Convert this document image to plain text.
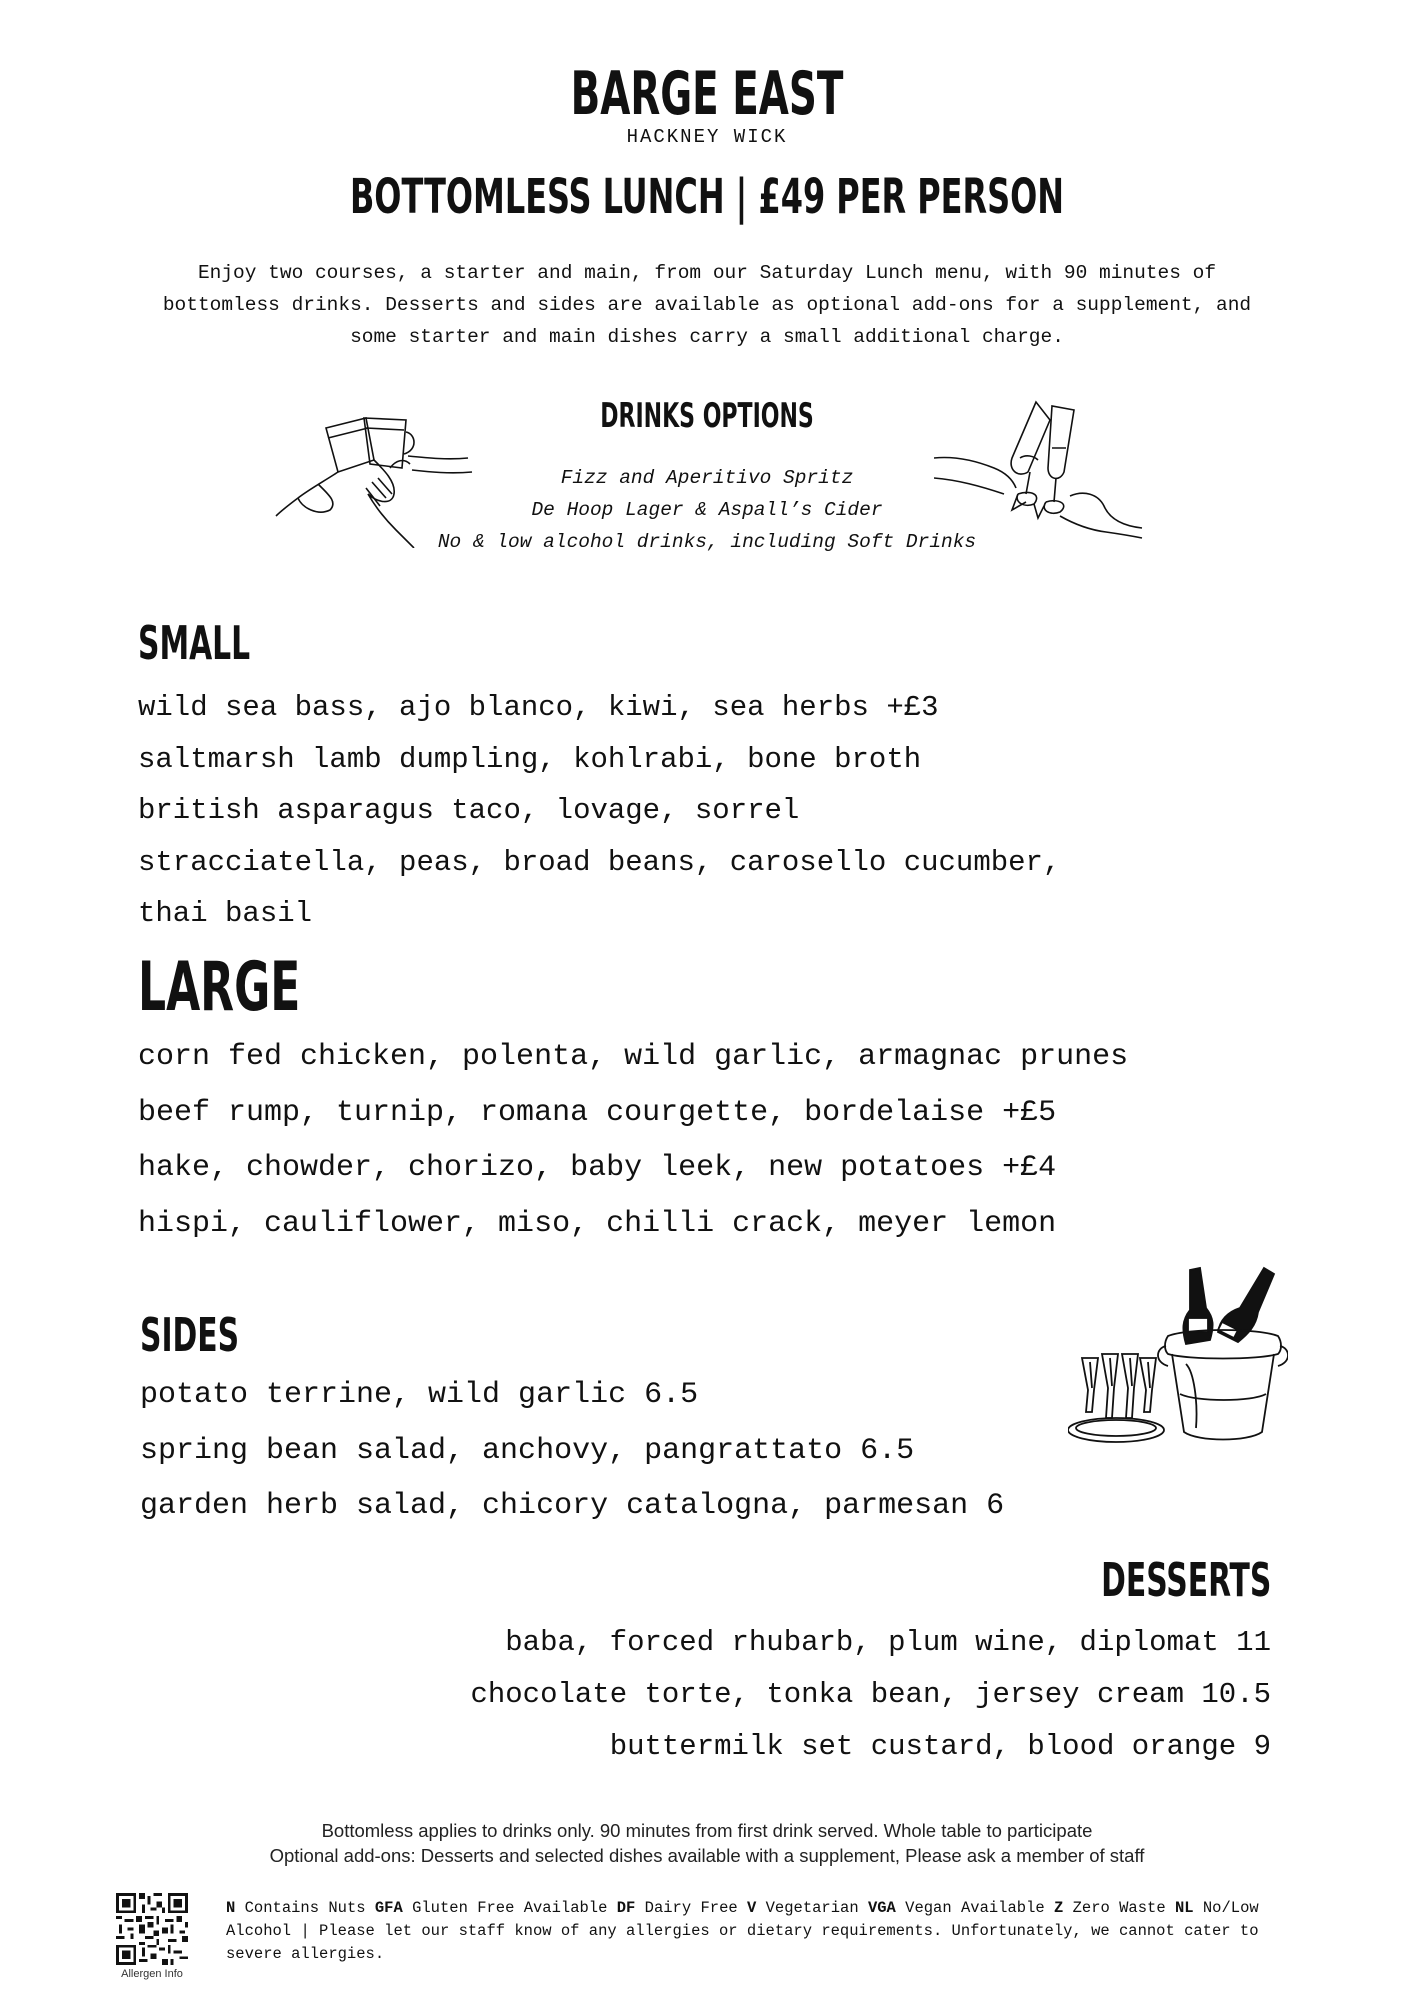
BARGE EAST
HACKNEY WICK
BOTTOMLESS LUNCH | £49 PER PERSON
Enjoy two courses, a starter and main, from our Saturday Lunch menu, with 90 minutes of bottomless drinks. Desserts and sides are available as optional add-ons for a supplement, and some starter and main dishes carry a small additional charge.
DRINKS OPTIONS
Fizz and Aperitivo Spritz
De Hoop Lager & Aspall’s Cider
No & low alcohol drinks, including Soft Drinks
SMALL
wild sea bass, ajo blanco, kiwi, sea herbs +£3
saltmarsh lamb dumpling, kohlrabi, bone broth
british asparagus taco, lovage, sorrel
stracciatella, peas, broad beans, carosello cucumber,
thai basil
LARGE
corn fed chicken, polenta, wild garlic, armagnac prunes
beef rump, turnip, romana courgette, bordelaise +£5
hake, chowder, chorizo, baby leek, new potatoes +£4
hispi, cauliflower, miso, chilli crack, meyer lemon
SIDES
potato terrine, wild garlic 6.5
spring bean salad, anchovy, pangrattato 6.5
garden herb salad, chicory catalogna, parmesan 6
DESSERTS
baba, forced rhubarb, plum wine, diplomat 11
chocolate torte, tonka bean, jersey cream 10.5
buttermilk set custard, blood orange 9
Bottomless applies to drinks only. 90 minutes from first drink served. Whole table to participate
Optional add-ons: Desserts and selected dishes available with a supplement, Please ask a member of staff
Allergen Info
N Contains Nuts GFA Gluten Free Available DF Dairy Free V Vegetarian VGA Vegan Available Z Zero Waste NL No/Low Alcohol | Please let our staff know of any allergies or dietary requirements. Unfortunately, we cannot cater to severe allergies.
